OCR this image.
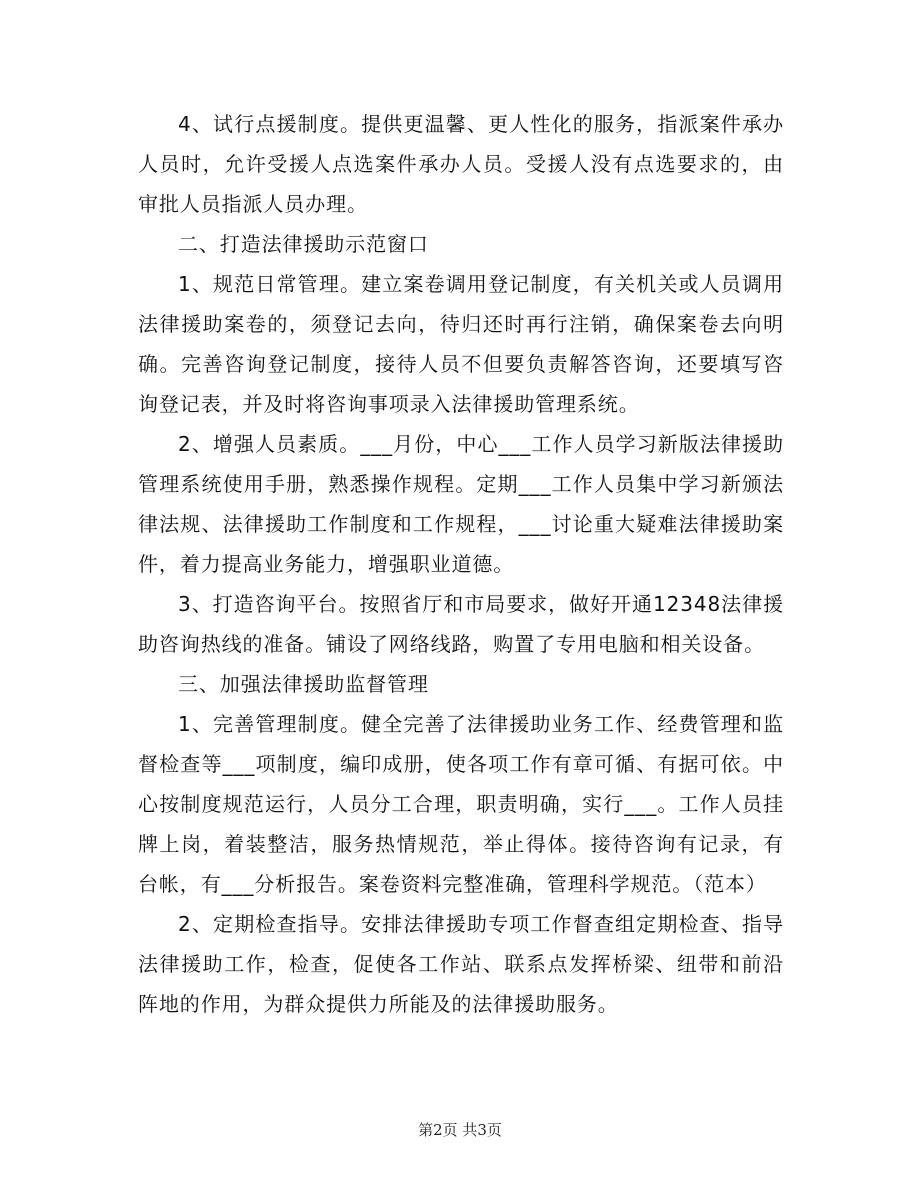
4、试行点援制度。提供更温馨、更人性化的服务，指派案件承办人员时，允许受援人点选案件承办人员。受援人没有点选要求的，由审批人员指派人员办理。

二、打造法律援助示范窗口

1、规范日常管理。建立案卷调用登记制度，有关机关或人员调用法律援助案卷的，须登记去向，待归还时再行注销，确保案卷去向明确。完善咨询登记制度，接待人员不但要负责解答咨询，还要填写咨询登记表，并及时将咨询事项录入法律援助管理系统。

2、增强人员素质。___月份，中心___工作人员学习新版法律援助管理系统使用手册，熟悉操作规程。定期___工作人员集中学习新颁法律法规、法律援助工作制度和工作规程，___讨论重大疑难法律援助案件，着力提高业务能力，增强职业道德。

3、打造咨询平台。按照省厅和市局要求，做好开通12348法律援助咨询热线的准备。铺设了网络线路，购置了专用电脑和相关设备。

三、加强法律援助监督管理

1、完善管理制度。健全完善了法律援助业务工作、经费管理和监督检查等___项制度，编印成册，使各项工作有章可循、有据可依。中心按制度规范运行，人员分工合理，职责明确，实行___。工作人员挂牌上岗，着装整洁，服务热情规范，举止得体。接待咨询有记录，有台帐，有___分析报告。案卷资料完整准确，管理科学规范。（范本）

2、定期检查指导。安排法律援助专项工作督查组定期检查、指导法律援助工作，检查，促使各工作站、联系点发挥桥梁、纽带和前沿阵地的作用，为群众提供力所能及的法律援助服务。

第2页 共3页
